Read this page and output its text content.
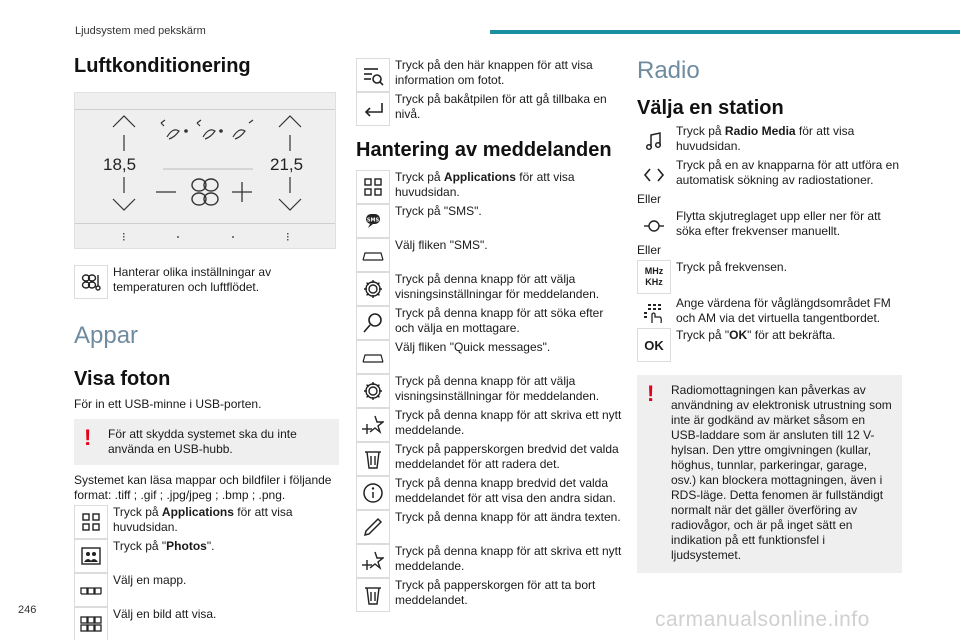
Ljudsystem med pekskärm
246	carmanualsonline.info
Luftkonditionering
18,5	21,5
Hanterar olika inställningar av temperaturen och luftflödet.
Appar
Visa foton

För in ett USB-minne i USB-porten.

!	För att skydda systemet ska du inte använda en USB-hubb.

Systemet kan läsa mappar och bildfiler i följande format: .tiff ; .gif ; .jpg/jpeg ; .bmp ; .png.

Tryck på Applications för att visa huvudsidan.
Tryck på "Photos".
Välj en mapp.
Välj en bild att visa.
Tryck på den här knappen för att visa information om fotot.
Tryck på bakåtpilen för att gå tillbaka en nivå.
Hantering av meddelanden
Tryck på Applications för att visa huvudsidan.
SMS
Tryck på "SMS".
Välj fliken "SMS".
Tryck på denna knapp för att välja visningsinställningar för meddelanden.
Tryck på denna knapp för att söka efter och välja en mottagare.
Välj fliken "Quick messages".
Tryck på denna knapp för att välja visningsinställningar för meddelanden.
Tryck på denna knapp för att skriva ett nytt meddelande.
Tryck på papperskorgen bredvid det valda meddelandet för att radera det.
Tryck på denna knapp bredvid det valda meddelandet för att visa den andra sidan.
Tryck på denna knapp för att ändra texten.
Tryck på denna knapp för att skriva ett nytt meddelande.
Tryck på papperskorgen för att ta bort meddelandet.
Radio
Välja en station
Tryck på Radio Media för att visa huvudsidan.
Tryck på en av knapparna för att utföra en automatisk sökning av radiostationer.

Eller

Flytta skjutreglaget upp eller ner för att söka efter frekvenser manuellt.

Eller

MHz
KHz
Tryck på frekvensen.
Ange värdena för våglängdsområdet FM och AM via det virtuella tangentbordet.
OK
Tryck på "OK" för att bekräfta.
!	Radiomottagningen kan påverkas av användning av elektronisk utrustning som inte är godkänd av märket såsom en USB-laddare som är ansluten till 12 V-hylsan. Den yttre omgivningen (kullar, höghus, tunnlar, parkeringar, garage, osv.) kan blockera mottagningen, även i RDS-läge. Detta fenomen är fullständigt normalt när det gäller överföring av radiovågor, och är på inget sätt en indikation på ett funktionsfel i ljudsystemet.
